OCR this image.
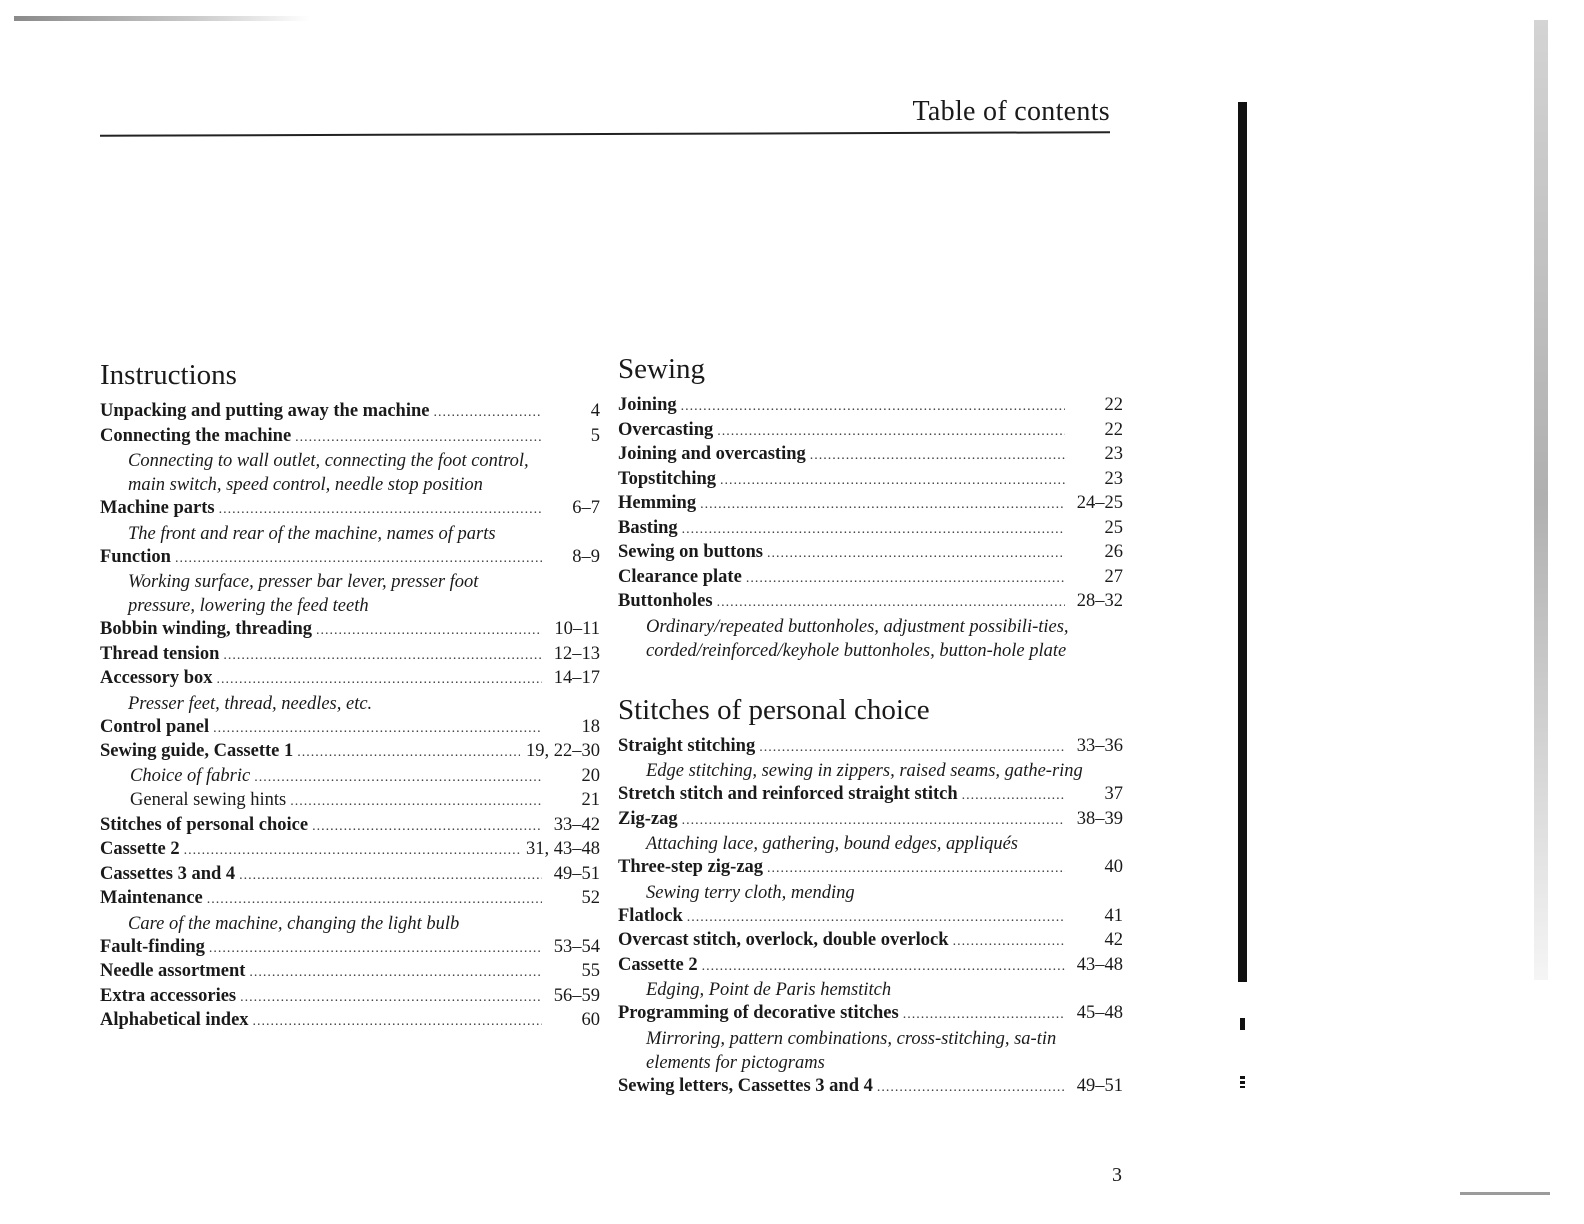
Table of contents
Instructions
Unpacking and putting away the machine .....	4
Connecting the machine .....	5
Connecting to wall outlet, connecting the foot control, main switch, speed control, needle stop position
Machine parts .....	6–7
The front and rear of the machine, names of parts
Function .....	8–9
Working surface, presser bar lever, presser foot pressure, lowering the feed teeth
Bobbin winding, threading .....	10–11
Thread tension .....	12–13
Accessory box .....	14–17
Presser feet, thread, needles, etc.
Control panel .....	18
Sewing guide, Cassette 1 .....	19, 22–30
Choice of fabric .....	20
General sewing hints .....	21
Stitches of personal choice .....	33–42
Cassette 2 .....	31, 43–48
Cassettes 3 and 4 .....	49–51
Maintenance .....	52
Care of the machine, changing the light bulb
Fault-finding .....	53–54
Needle assortment .....	55
Extra accessories .....	56–59
Alphabetical index .....	60
Sewing
Joining .....	22
Overcasting .....	22
Joining and overcasting .....	23
Topstitching .....	23
Hemming .....	24–25
Basting .....	25
Sewing on buttons .....	26
Clearance plate .....	27
Buttonholes .....	28–32
Ordinary/repeated buttonholes, adjustment possibili-ties, corded/reinforced/keyhole buttonholes, button-hole plate
Stitches of personal choice
Straight stitching .....	33–36
Edge stitching, sewing in zippers, raised seams, gathe-ring
Stretch stitch and reinforced straight stitch .....	37
Zig-zag .....	38–39
Attaching lace, gathering, bound edges, appliqués
Three-step zig-zag .....	40
Sewing terry cloth, mending
Flatlock .....	41
Overcast stitch, overlock, double overlock .....	42
Cassette 2 .....	43–48
Edging, Point de Paris hemstitch
Programming of decorative stitches .....	45–48
Mirroring, pattern combinations, cross-stitching, sa-tin elements for pictograms
Sewing letters, Cassettes 3 and 4 .....	49–51
3
